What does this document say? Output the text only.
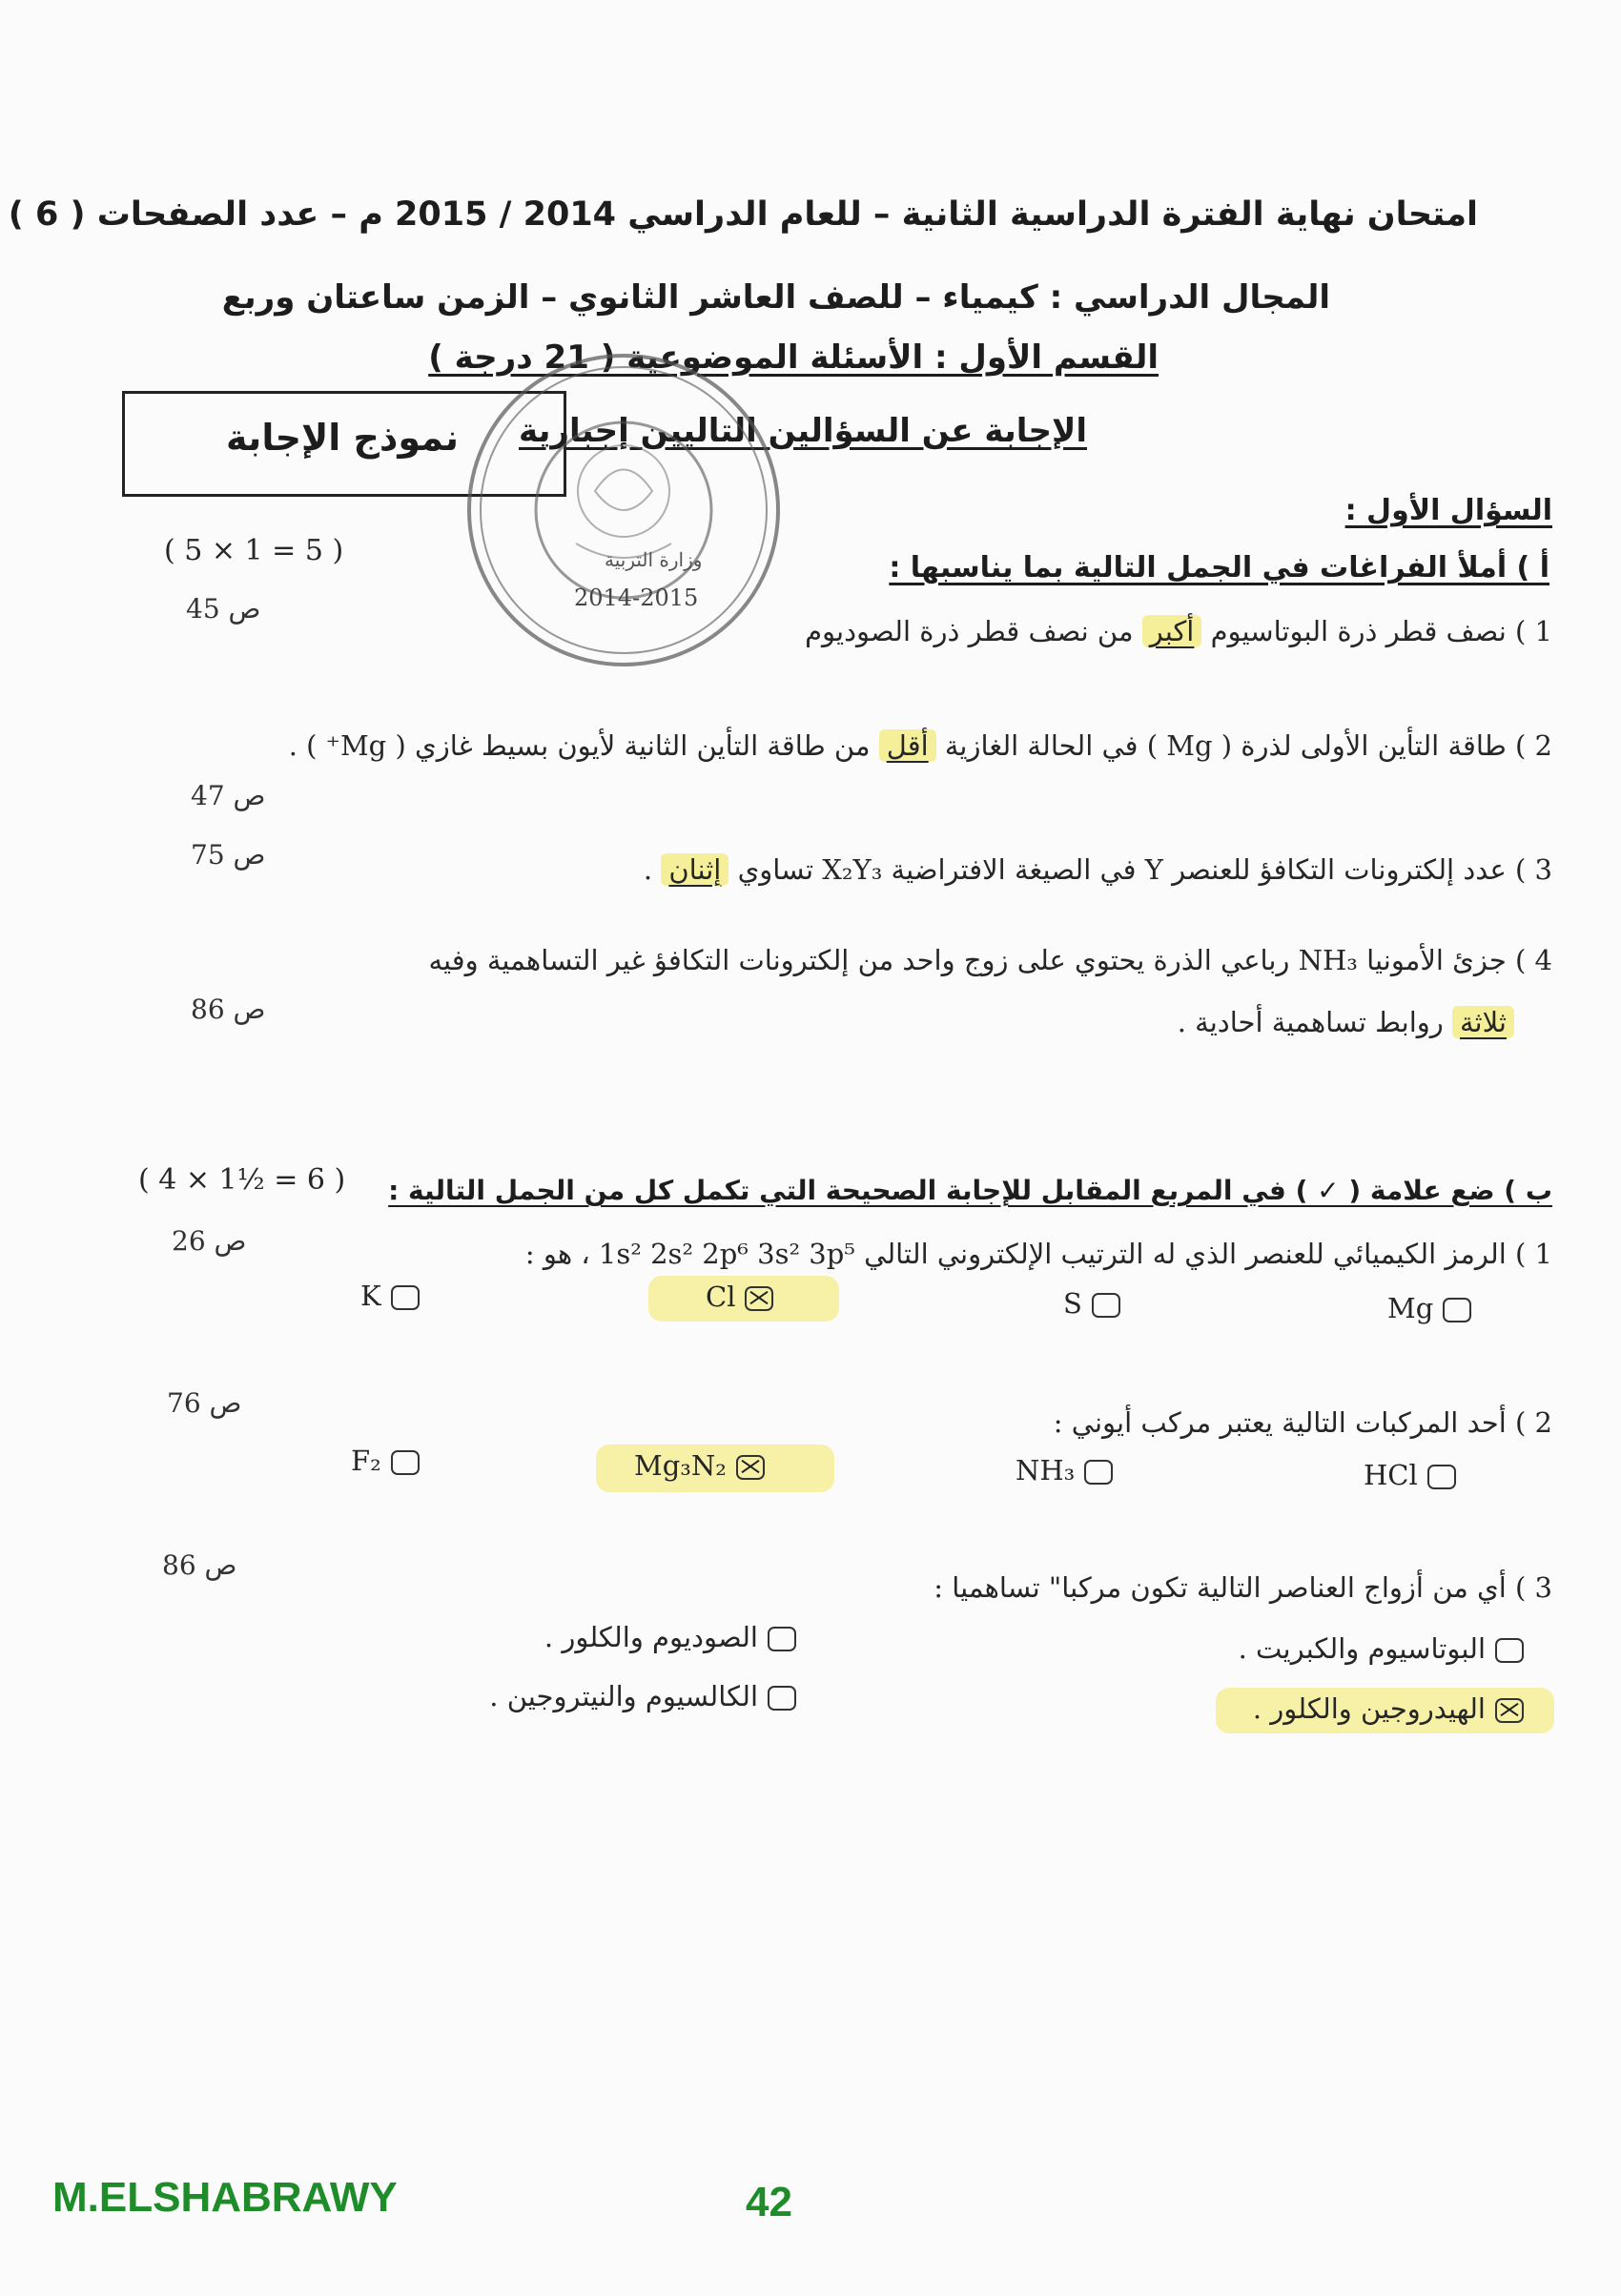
امتحان نهاية الفترة الدراسية الثانية – للعام الدراسي 2014 / 2015 م – عدد الصفحات ( 6 )
المجال الدراسي : كيمياء – للصف العاشر الثانوي – الزمن ساعتان وربع
القسم الأول : الأسئلة الموضوعية ( 21 درجة )
الإجابة عن السؤالين التاليين إجبارية
نموذج الإجابة
2014-2015
وزارة التربية
السؤال الأول :
( 5 × 1 = 5 )
أ ) أملأ الفراغات في الجمل التالية بما يناسبها :
ص 45
1 ) نصف قطر ذرة البوتاسيوم أكبر من نصف قطر ذرة الصوديوم
2 ) طاقة التأين الأولى لذرة ( Mg ) في الحالة الغازية أقل من طاقة التأين الثانية لأيون بسيط غازي ( Mg⁺ ) .
ص 47
ص 75	3 ) عدد إلكترونات التكافؤ للعنصر Y في الصيغة الافتراضية X₂Y₃ تساوي إثنان .
4 ) جزئ الأمونيا NH₃ رباعي الذرة يحتوي على زوج واحد من إلكترونات التكافؤ غير التساهمية وفيه
ص 86	ثلاثة روابط تساهمية أحادية .
( 4 × 1½ = 6 ) ب ) ضع علامة ( ✓ ) في المربع المقابل للإجابة الصحيحة التي تكمل كل من الجمل التالية :
ص 26	1 ) الرمز الكيميائي للعنصر الذي له الترتيب الإلكتروني التالي 1s² 2s² 2p⁶ 3s² 3p⁵ ، هو :
Mg
S
Cl
K
ص 76
2 ) أحد المركبات التالية يعتبر مركب أيوني :
HCl
NH₃
Mg₃N₂
F₂
ص 86
3 ) أي من أزواج العناصر التالية تكون مركبا" تساهميا :
البوتاسيوم والكبريت .
الصوديوم والكلور .
الهيدروجين والكلور .
الكالسيوم والنيتروجين .
M.ELSHABRAWY	42
